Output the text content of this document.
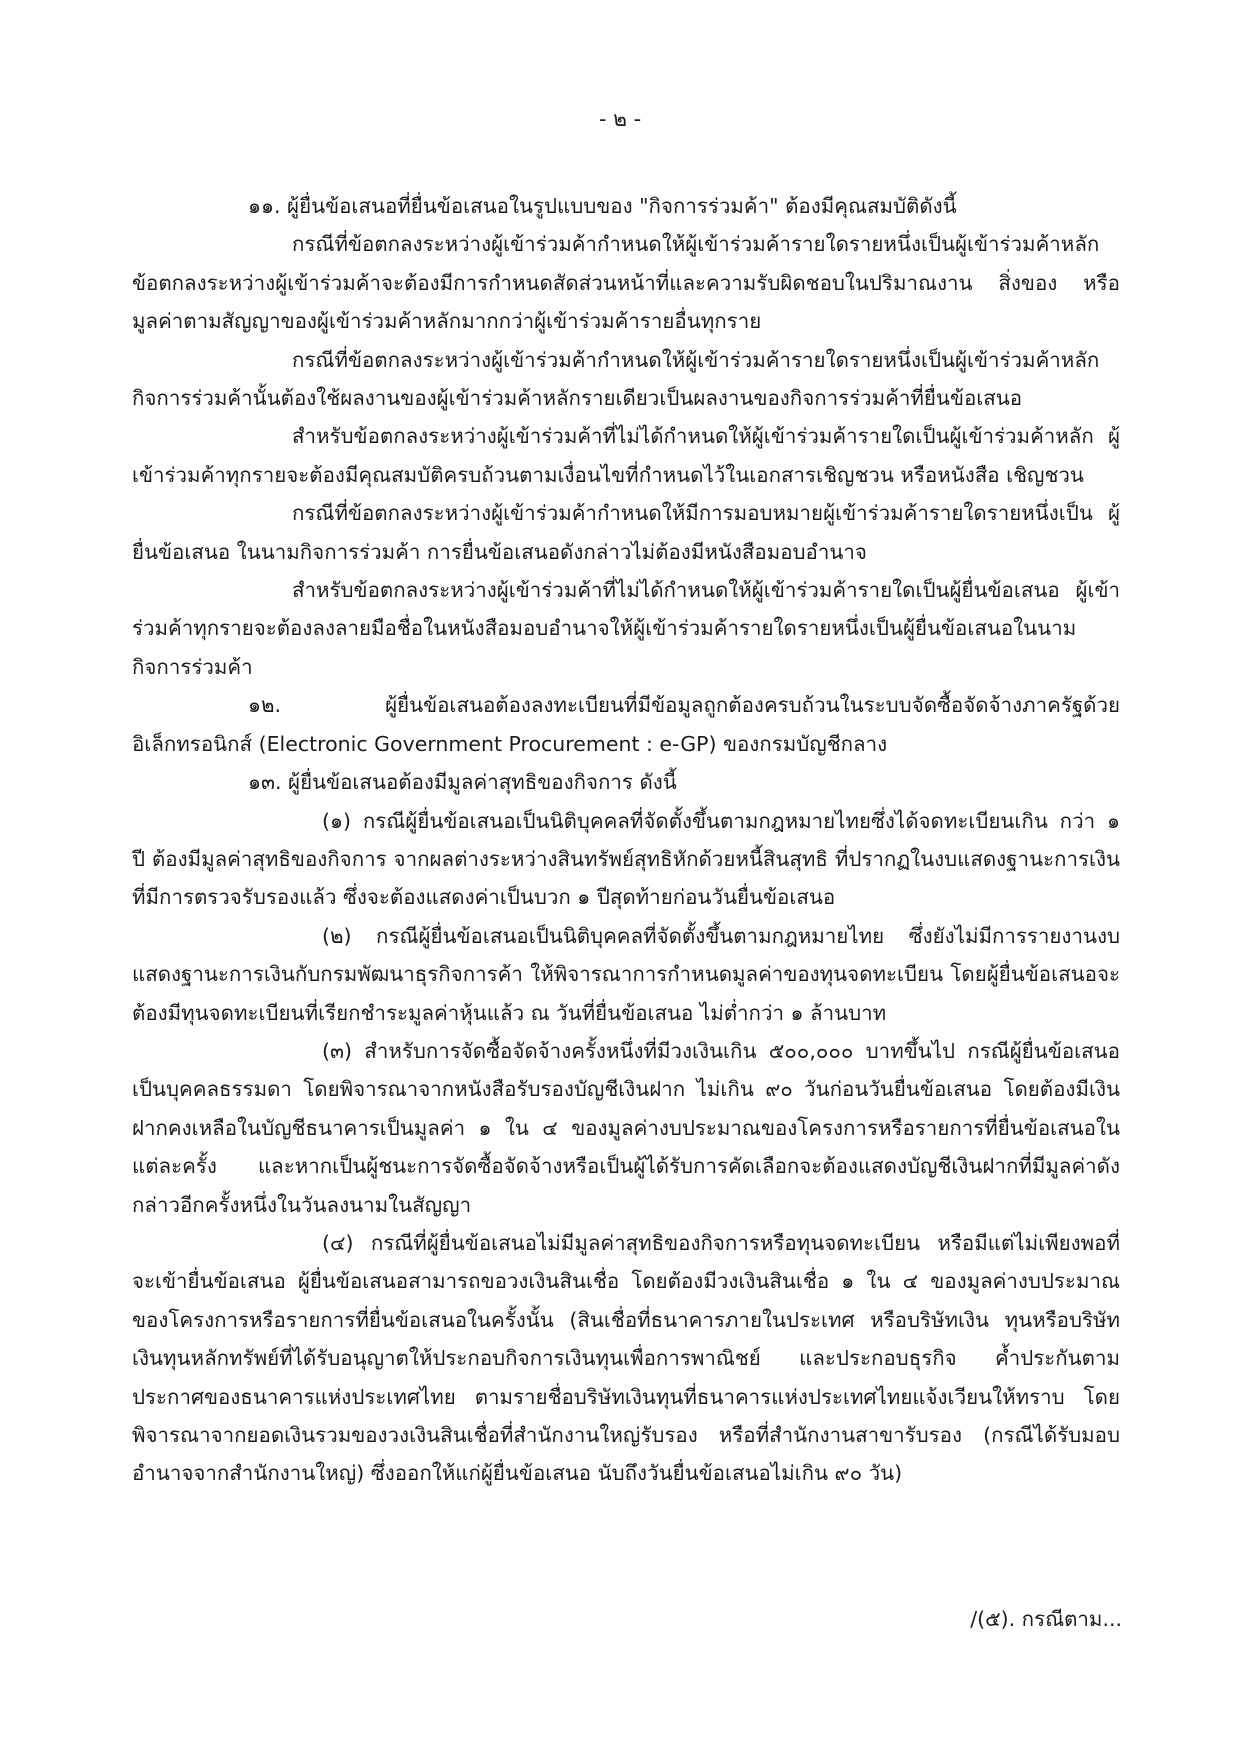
- ๒ -

๑๑. ผู้ยื่นข้อเสนอที่ยื่นข้อเสนอในรูปแบบของ "กิจการร่วมค้า" ต้องมีคุณสมบัติดังนี้

กรณีที่ข้อตกลงระหว่างผู้เข้าร่วมค้ากำหนดให้ผู้เข้าร่วมค้ารายใดรายหนึ่งเป็นผู้เข้าร่วมค้าหลัก ข้อตกลงระหว่างผู้เข้าร่วมค้าจะต้องมีการกำหนดสัดส่วนหน้าที่และความรับผิดชอบในปริมาณงาน สิ่งของ หรือมูลค่าตามสัญญาของผู้เข้าร่วมค้าหลักมากกว่าผู้เข้าร่วมค้ารายอื่นทุกราย

กรณีที่ข้อตกลงระหว่างผู้เข้าร่วมค้ากำหนดให้ผู้เข้าร่วมค้ารายใดรายหนึ่งเป็นผู้เข้าร่วมค้าหลัก กิจการร่วมค้านั้นต้องใช้ผลงานของผู้เข้าร่วมค้าหลักรายเดียวเป็นผลงานของกิจการร่วมค้าที่ยื่นข้อเสนอ

สำหรับข้อตกลงระหว่างผู้เข้าร่วมค้าที่ไม่ได้กำหนดให้ผู้เข้าร่วมค้ารายใดเป็นผู้เข้าร่วมค้าหลัก ผู้เข้าร่วมค้าทุกรายจะต้องมีคุณสมบัติครบถ้วนตามเงื่อนไขที่กำหนดไว้ในเอกสารเชิญชวน หรือหนังสือ เชิญชวน

กรณีที่ข้อตกลงระหว่างผู้เข้าร่วมค้ากำหนดให้มีการมอบหมายผู้เข้าร่วมค้ารายใดรายหนึ่งเป็น ผู้ยื่นข้อเสนอ ในนามกิจการร่วมค้า การยื่นข้อเสนอดังกล่าวไม่ต้องมีหนังสือมอบอำนาจ

สำหรับข้อตกลงระหว่างผู้เข้าร่วมค้าที่ไม่ได้กำหนดให้ผู้เข้าร่วมค้ารายใดเป็นผู้ยื่นข้อเสนอ ผู้เข้าร่วมค้าทุกรายจะต้องลงลายมือชื่อในหนังสือมอบอำนาจให้ผู้เข้าร่วมค้ารายใดรายหนึ่งเป็นผู้ยื่นข้อเสนอในนามกิจการร่วมค้า

๑๒. ผู้ยื่นข้อเสนอต้องลงทะเบียนที่มีข้อมูลถูกต้องครบถ้วนในระบบจัดซื้อจัดจ้างภาครัฐด้วยอิเล็กทรอนิกส์ (Electronic Government Procurement : e-GP) ของกรมบัญชีกลาง

๑๓. ผู้ยื่นข้อเสนอต้องมีมูลค่าสุทธิของกิจการ ดังนี้

(๑) กรณีผู้ยื่นข้อเสนอเป็นนิติบุคคลที่จัดตั้งขึ้นตามกฎหมายไทยซึ่งได้จดทะเบียนเกิน กว่า ๑ ปี ต้องมีมูลค่าสุทธิของกิจการ จากผลต่างระหว่างสินทรัพย์สุทธิหักด้วยหนี้สินสุทธิ ที่ปรากฏในงบแสดงฐานะการเงินที่มีการตรวจรับรองแล้ว ซึ่งจะต้องแสดงค่าเป็นบวก ๑ ปีสุดท้ายก่อนวันยื่นข้อเสนอ

(๒) กรณีผู้ยื่นข้อเสนอเป็นนิติบุคคลที่จัดตั้งขึ้นตามกฎหมายไทย ซึ่งยังไม่มีการรายงานงบแสดงฐานะการเงินกับกรมพัฒนาธุรกิจการค้า ให้พิจารณาการกำหนดมูลค่าของทุนจดทะเบียน โดยผู้ยื่นข้อเสนอจะต้องมีทุนจดทะเบียนที่เรียกชำระมูลค่าหุ้นแล้ว ณ วันที่ยื่นข้อเสนอ ไม่ต่ำกว่า ๑ ล้านบาท

(๓) สำหรับการจัดซื้อจัดจ้างครั้งหนึ่งที่มีวงเงินเกิน ๕๐๐,๐๐๐ บาทขึ้นไป กรณีผู้ยื่นข้อเสนอเป็นบุคคลธรรมดา โดยพิจารณาจากหนังสือรับรองบัญชีเงินฝาก ไม่เกิน ๙๐ วันก่อนวันยื่นข้อเสนอ โดยต้องมีเงินฝากคงเหลือในบัญชีธนาคารเป็นมูลค่า ๑ ใน ๔ ของมูลค่างบประมาณของโครงการหรือรายการที่ยื่นข้อเสนอในแต่ละครั้ง และหากเป็นผู้ชนะการจัดซื้อจัดจ้างหรือเป็นผู้ได้รับการคัดเลือกจะต้องแสดงบัญชีเงินฝากที่มีมูลค่าดังกล่าวอีกครั้งหนึ่งในวันลงนามในสัญญา

(๔) กรณีที่ผู้ยื่นข้อเสนอไม่มีมูลค่าสุทธิของกิจการหรือทุนจดทะเบียน หรือมีแต่ไม่เพียงพอที่จะเข้ายื่นข้อเสนอ ผู้ยื่นข้อเสนอสามารถขอวงเงินสินเชื่อ โดยต้องมีวงเงินสินเชื่อ ๑ ใน ๔ ของมูลค่างบประมาณของโครงการหรือรายการที่ยื่นข้อเสนอในครั้งนั้น (สินเชื่อที่ธนาคารภายในประเทศ หรือบริษัทเงิน ทุนหรือบริษัทเงินทุนหลักทรัพย์ที่ได้รับอนุญาตให้ประกอบกิจการเงินทุนเพื่อการพาณิชย์ และประกอบธุรกิจ ค้ำประกันตามประกาศของธนาคารแห่งประเทศไทย ตามรายชื่อบริษัทเงินทุนที่ธนาคารแห่งประเทศไทยแจ้งเวียนให้ทราบ โดยพิจารณาจากยอดเงินรวมของวงเงินสินเชื่อที่สำนักงานใหญ่รับรอง หรือที่สำนักงานสาขารับรอง (กรณีได้รับมอบอำนาจจากสำนักงานใหญ่) ซึ่งออกให้แก่ผู้ยื่นข้อเสนอ นับถึงวันยื่นข้อเสนอไม่เกิน ๙๐ วัน)

/(๕). กรณีตาม...
